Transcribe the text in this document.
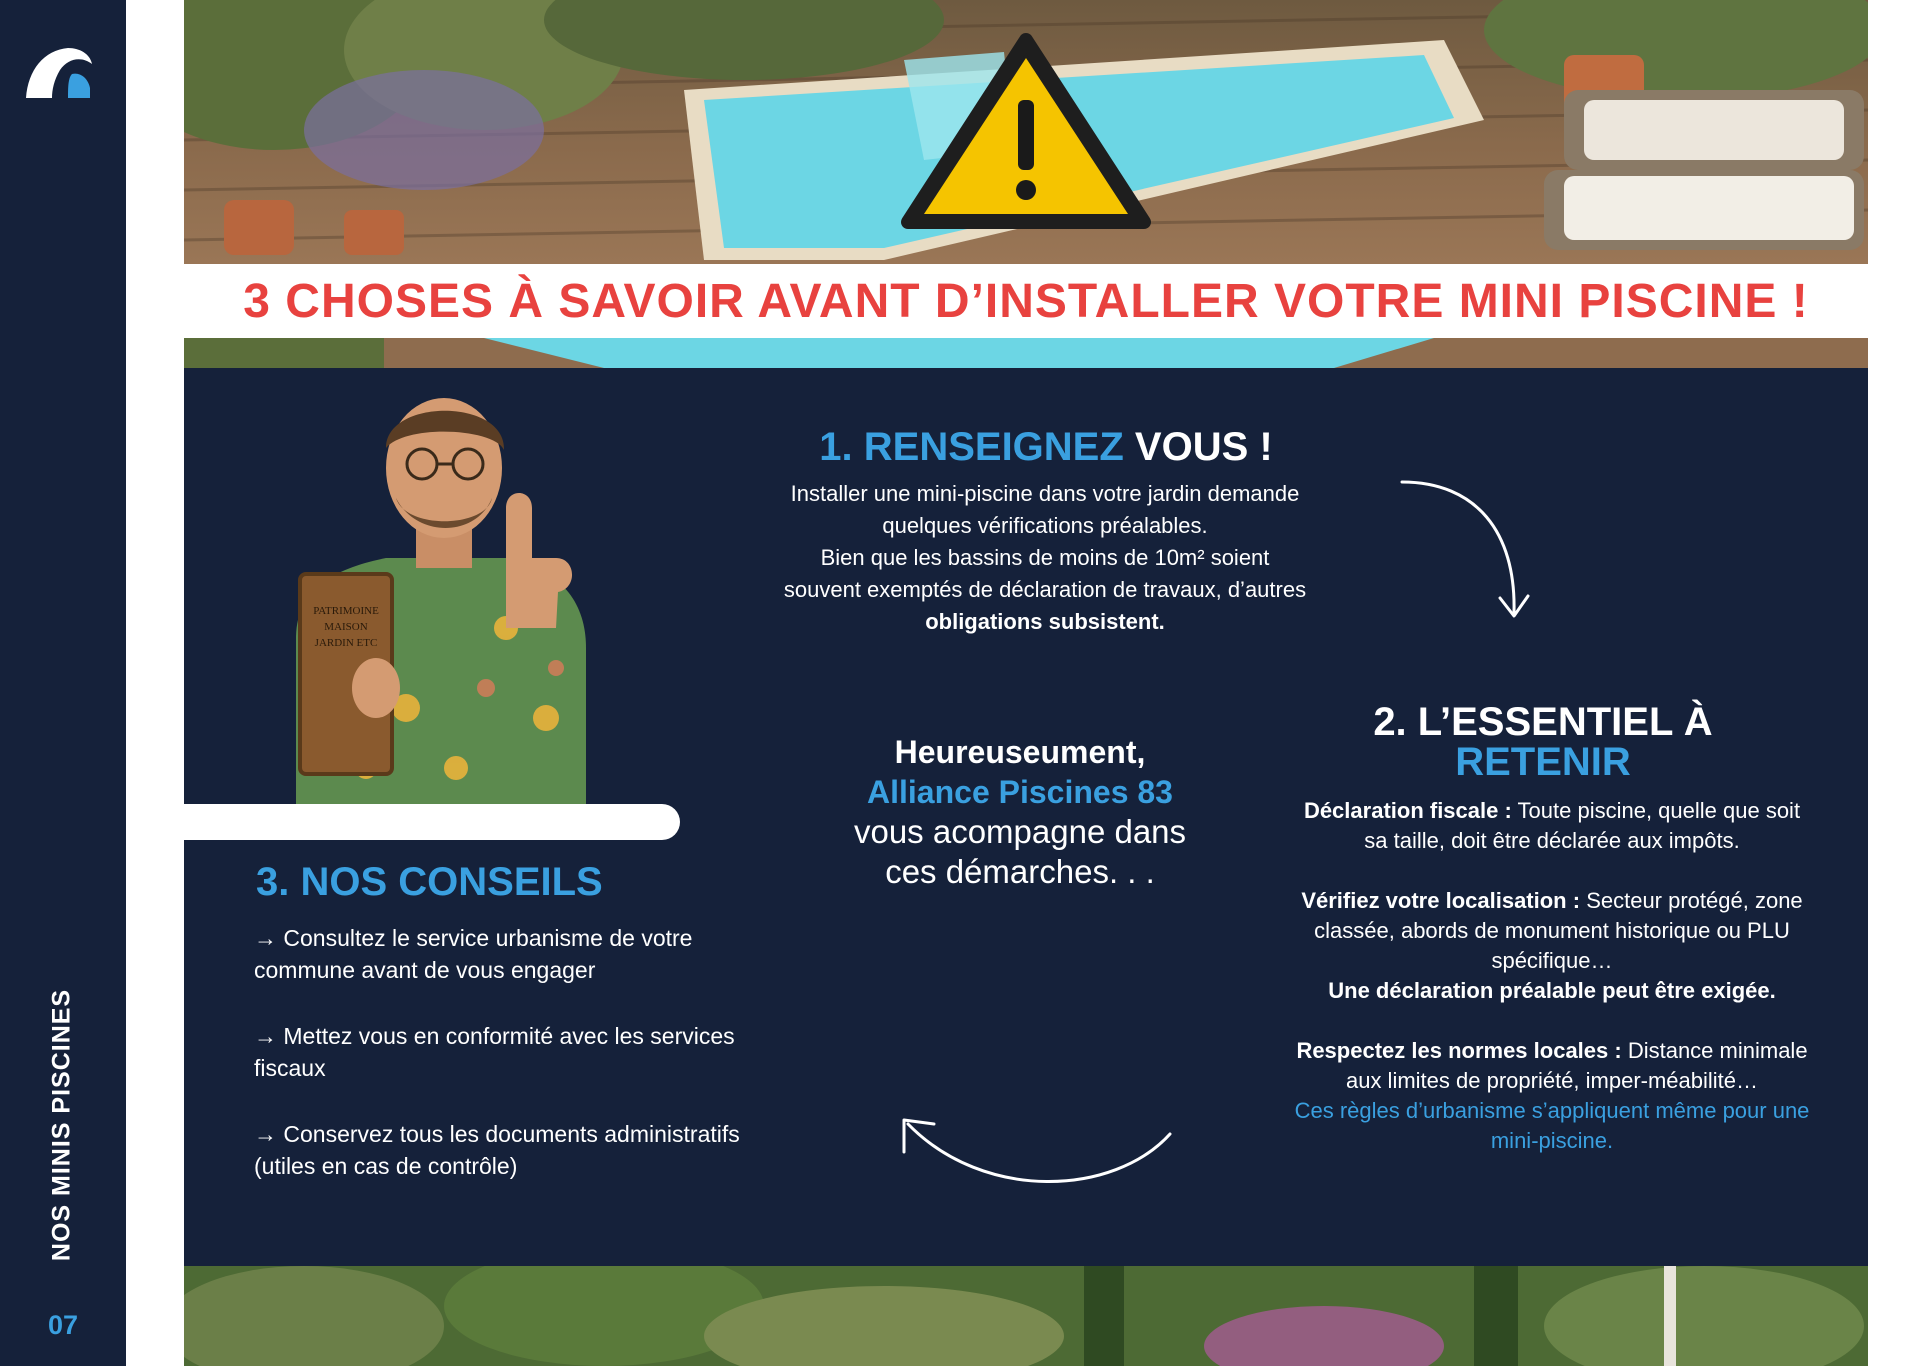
NOS MINIS PISCINES
07
3 CHOSES À SAVOIR AVANT D’INSTALLER VOTRE MINI PISCINE !
PATRIMOINE
MAISON
JARDIN ETC
1. RENSEIGNEZ VOUS !
Installer une mini-piscine dans votre jardin demande
quelques vérifications préalables.
Bien que les bassins de moins de 10m² soient
souvent exemptés de déclaration de travaux, d’autres
obligations subsistent.
2. L’ESSENTIEL À
RETENIR

Déclaration fiscale : Toute piscine, quelle que soit sa taille, doit être déclarée aux impôts.

Vérifiez votre localisation : Secteur protégé, zone classée, abords de monument historique ou PLU spécifique…
Une déclaration préalable peut être exigée.

Respectez les normes locales : Distance minimale aux limites de propriété, imper-méabilité…
Ces règles d’urbanisme s’appliquent même pour une mini-piscine.

Heureuseument,
Alliance Piscines 83
vous acompagne dans
ces démarches. . .
3. NOS CONSEILS
→ Consultez le service urbanisme de votre commune avant de vous engager
→ Mettez vous en conformité avec les services fiscaux
→ Conservez tous les documents administratifs (utiles en cas de contrôle)
